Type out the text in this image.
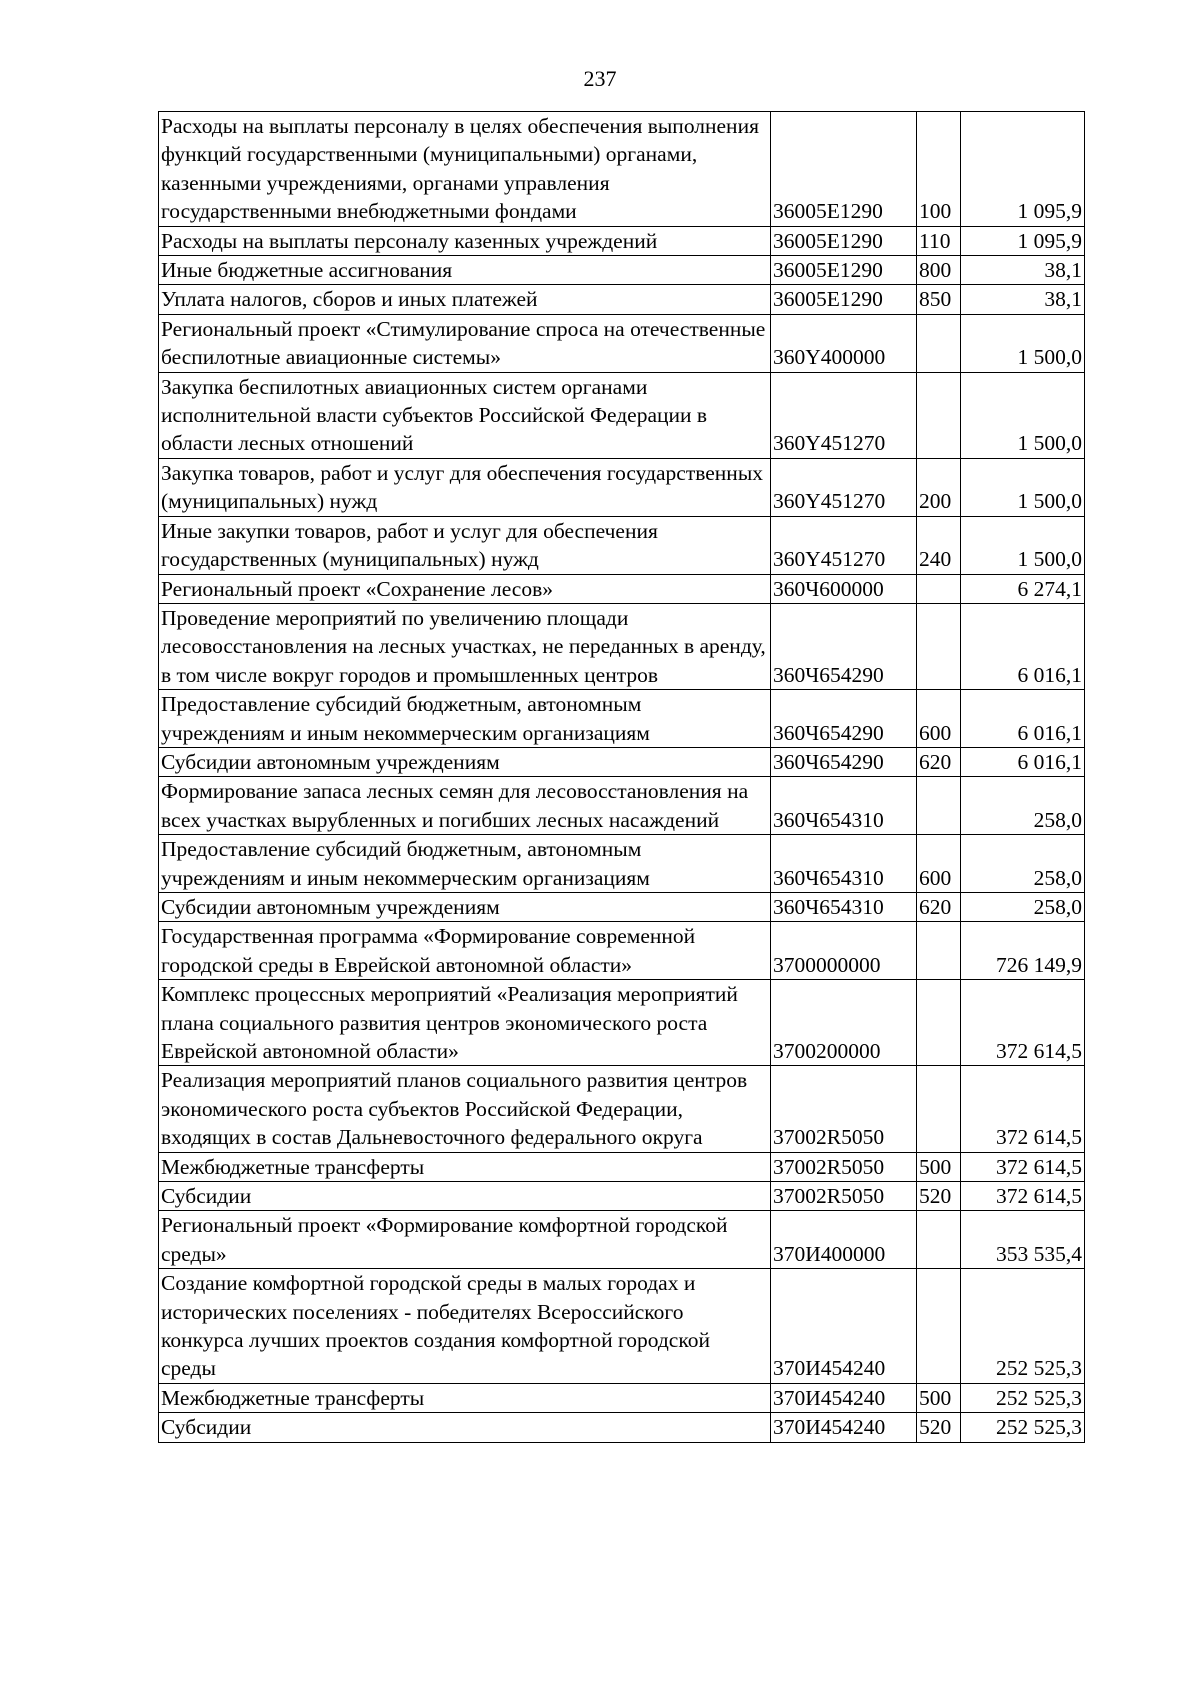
237
Расходы на выплаты персоналу в целях обеспечения выполнения функций государственными (муниципальными) органами, казенными учреждениями, органами управления государственными внебюджетными фондами	36005Е1290	100	1 095,9
Расходы на выплаты персоналу казенных учреждений	36005Е1290	110	1 095,9
Иные бюджетные ассигнования	36005Е1290	800	38,1
Уплата налогов, сборов и иных платежей	36005Е1290	850	38,1
Региональный проект «Стимулирование спроса на отечественные беспилотные авиационные системы»	360Y400000		1 500,0
Закупка беспилотных авиационных систем органами исполнительной власти субъектов Российской Федерации в области лесных отношений	360Y451270		1 500,0
Закупка товаров, работ и услуг для обеспечения государственных (муниципальных) нужд	360Y451270	200	1 500,0
Иные закупки товаров, работ и услуг для обеспечения государственных (муниципальных) нужд	360Y451270	240	1 500,0
Региональный проект «Сохранение лесов»	360Ч600000		6 274,1
Проведение мероприятий по увеличению площади лесовосстановления на лесных участках, не переданных в аренду, в том числе вокруг городов и промышленных центров	360Ч654290		6 016,1
Предоставление субсидий бюджетным, автономным учреждениям и иным некоммерческим организациям	360Ч654290	600	6 016,1
Субсидии автономным учреждениям	360Ч654290	620	6 016,1
Формирование запаса лесных семян для лесовосстановления на всех участках вырубленных и погибших лесных насаждений	360Ч654310		258,0
Предоставление субсидий бюджетным, автономным учреждениям и иным некоммерческим организациям	360Ч654310	600	258,0
Субсидии автономным учреждениям	360Ч654310	620	258,0
Государственная программа «Формирование современной городской среды в Еврейской автономной области»	3700000000		726 149,9
Комплекс процессных мероприятий «Реализация мероприятий плана социального развития центров экономического роста Еврейской автономной области»	3700200000		372 614,5
Реализация мероприятий планов социального развития центров экономического роста субъектов Российской Федерации, входящих в состав Дальневосточного федерального округа	37002R5050		372 614,5
Межбюджетные трансферты	37002R5050	500	372 614,5
Субсидии	37002R5050	520	372 614,5
Региональный проект «Формирование комфортной городской среды»	370И400000		353 535,4
Создание комфортной городской среды в малых городах и исторических поселениях - победителях Всероссийского конкурса лучших проектов создания комфортной городской среды	370И454240		252 525,3
Межбюджетные трансферты	370И454240	500	252 525,3
Субсидии	370И454240	520	252 525,3
